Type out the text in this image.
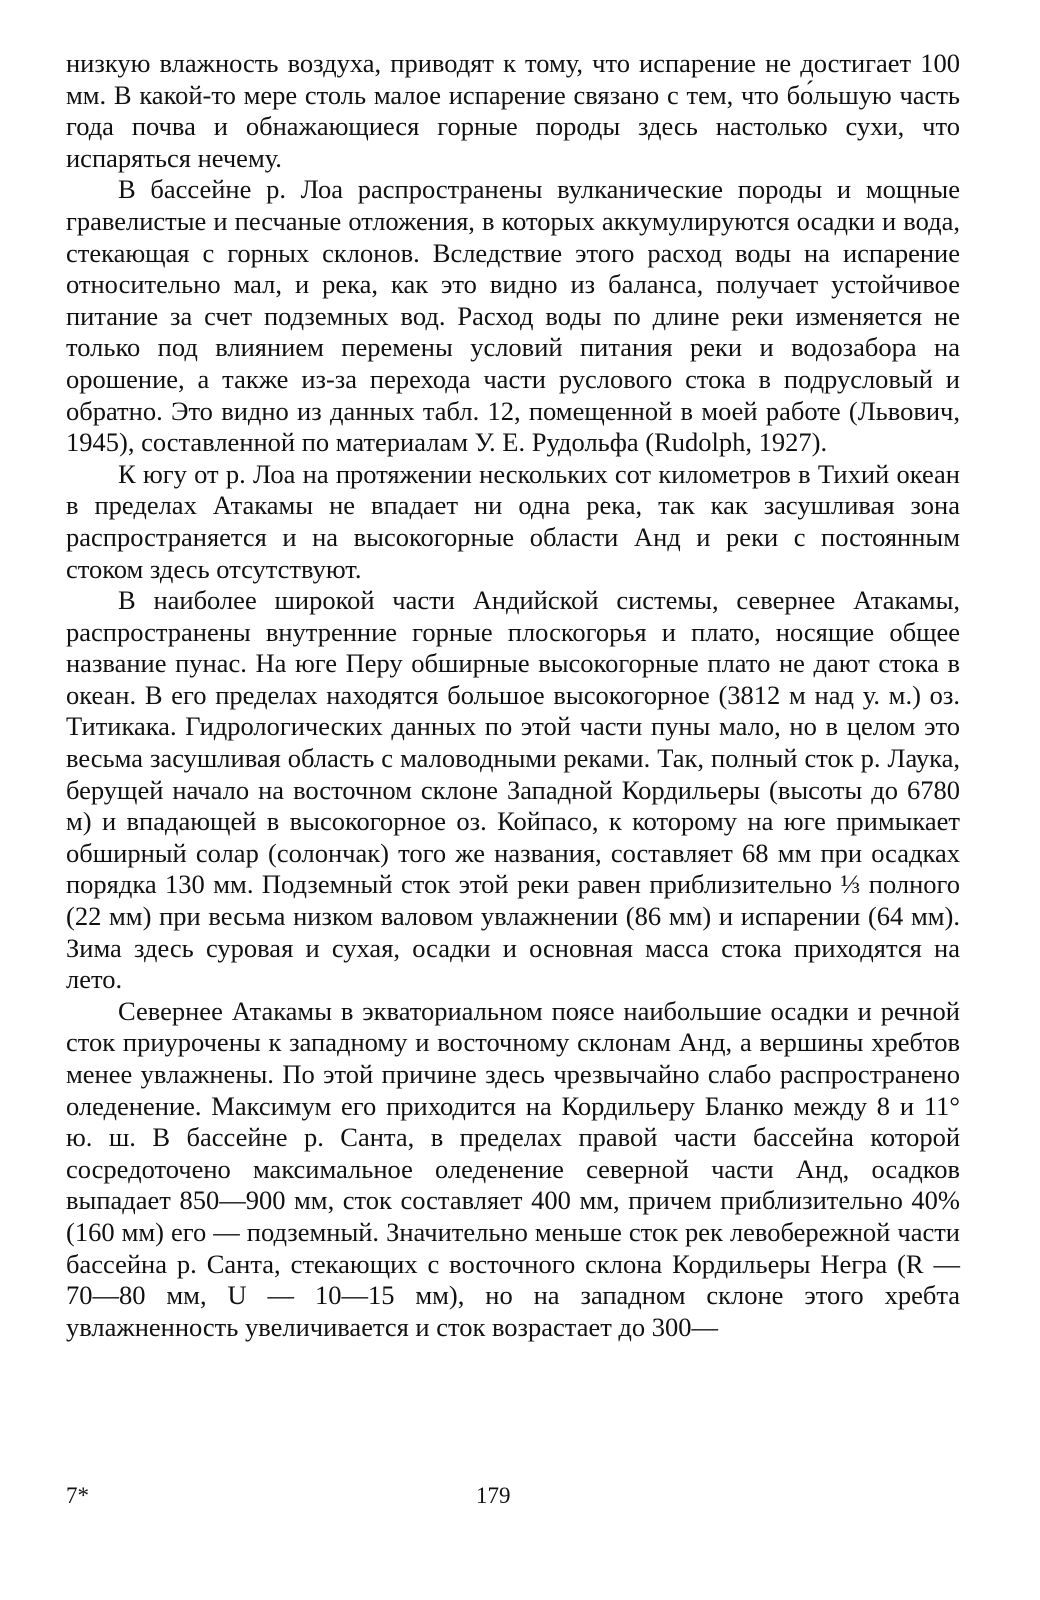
низкую влажность воздуха, приводят к тому, что испарение не достигает 100 мм. В какой-то мере столь малое испарение связано с тем, что бо́льшую часть года почва и обнажающиеся горные породы здесь настолько сухи, что испаряться нечему.

В бассейне р. Лоа распространены вулканические породы и мощные гравелистые и песчаные отложения, в которых аккумулируются осадки и вода, стекающая с горных склонов. Вследствие этого расход воды на испарение относительно мал, и река, как это видно из баланса, получает устойчивое питание за счет подземных вод. Расход воды по длине реки изменяется не только под влиянием перемены условий питания реки и водозабора на орошение, а также из-за перехода части руслового стока в подрусловый и обратно. Это видно из данных табл. 12, помещенной в моей работе (Львович, 1945), составленной по материалам У. Е. Рудольфа (Rudolph, 1927).

К югу от р. Лоа на протяжении нескольких сот километров в Тихий океан в пределах Атакамы не впадает ни одна река, так как засушливая зона распространяется и на высокогорные области Анд и реки с постоянным стоком здесь отсутствуют.

В наиболее широкой части Андийской системы, севернее Атакамы, распространены внутренние горные плоскогорья и плато, носящие общее название пунас. На юге Перу обширные высокогорные плато не дают стока в океан. В его пределах находятся большое высокогорное (3812 м над у. м.) оз. Титикака. Гидрологических данных по этой части пуны мало, но в целом это весьма засушливая область с маловодными реками. Так, полный сток р. Лаука, берущей начало на восточном склоне Западной Кордильеры (высоты до 6780 м) и впадающей в высокогорное оз. Койпасо, к которому на юге примыкает обширный солар (солончак) того же названия, составляет 68 мм при осадках порядка 130 мм. Подземный сток этой реки равен приблизительно ⅓ полного (22 мм) при весьма низком валовом увлажнении (86 мм) и испарении (64 мм). Зима здесь суровая и сухая, осадки и основная масса стока приходятся на лето.

Севернее Атакамы в экваториальном поясе наибольшие осадки и речной сток приурочены к западному и восточному склонам Анд, а вершины хребтов менее увлажнены. По этой причине здесь чрезвычайно слабо распространено оледенение. Максимум его приходится на Кордильеру Бланко между 8 и 11° ю. ш. В бассейне р. Санта, в пределах правой части бассейна которой сосредоточено максимальное оледенение северной части Анд, осадков выпадает 850—900 мм, сток составляет 400 мм, причем приблизительно 40% (160 мм) его — подземный. Значительно меньше сток рек левобережной части бассейна р. Санта, стекающих с восточного склона Кордильеры Негра (R — 70—80 мм, U — 10—15 мм), но на западном склоне этого хребта увлажненность увеличивается и сток возрастает до 300—

7*	179
